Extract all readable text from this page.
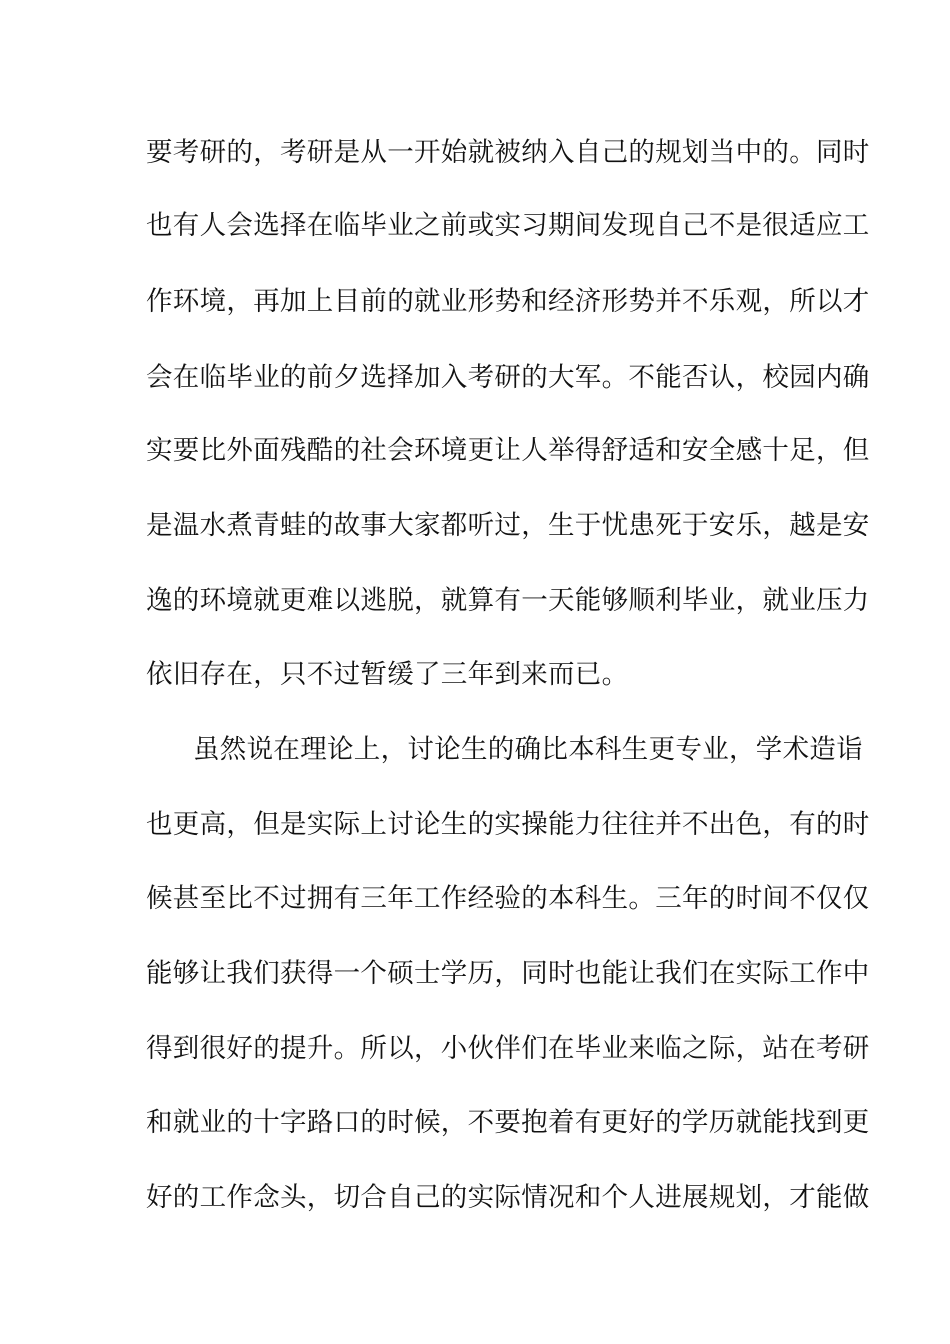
要考研的，考研是从一开始就被纳入自己的规划当中的。同时
也有人会选择在临毕业之前或实习期间发现自己不是很适应工
作环境，再加上目前的就业形势和经济形势并不乐观，所以才
会在临毕业的前夕选择加入考研的大军。不能否认，校园内确
实要比外面残酷的社会环境更让人举得舒适和安全感十足，但
是温水煮青蛙的故事大家都听过，生于忧患死于安乐，越是安
逸的环境就更难以逃脱，就算有一天能够顺利毕业，就业压力
依旧存在，只不过暂缓了三年到来而已。
虽然说在理论上，讨论生的确比本科生更专业，学术造诣
也更高，但是实际上讨论生的实操能力往往并不出色，有的时
候甚至比不过拥有三年工作经验的本科生。三年的时间不仅仅
能够让我们获得一个硕士学历，同时也能让我们在实际工作中
得到很好的提升。所以，小伙伴们在毕业来临之际，站在考研
和就业的十字路口的时候，不要抱着有更好的学历就能找到更
好的工作念头，切合自己的实际情况和个人进展规划，才能做
